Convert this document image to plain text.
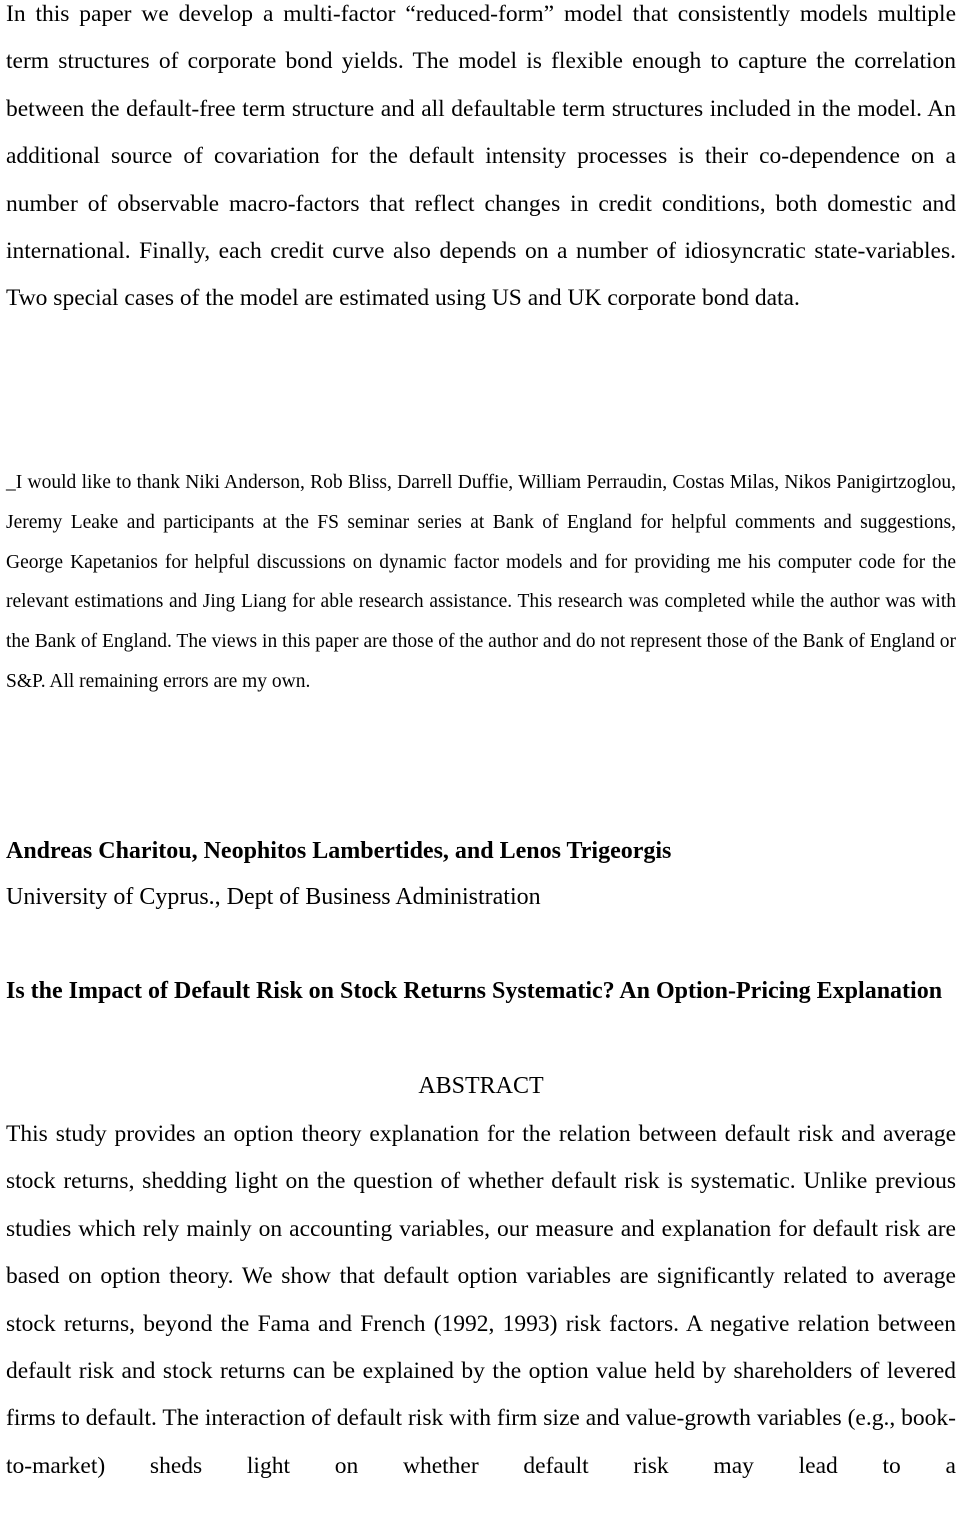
In this paper we develop a multi-factor “reduced-form” model that consistently models multiple term structures of corporate bond yields. The model is flexible enough to capture the correlation between the default-free term structure and all defaultable term structures included in the model. An additional source of covariation for the default intensity processes is their co-dependence on a number of observable macro-factors that reflect changes in credit conditions, both domestic and international. Finally, each credit curve also depends on a number of idiosyncratic state-variables. Two special cases of the model are estimated using US and UK corporate bond data.

_I would like to thank Niki Anderson, Rob Bliss, Darrell Duffie, William Perraudin, Costas Milas, Nikos Panigirtzoglou, Jeremy Leake and participants at the FS seminar series at Bank of England for helpful comments and suggestions, George Kapetanios for helpful discussions on dynamic factor models and for providing me his computer code for the relevant estimations and Jing Liang for able research assistance. This research was completed while the author was with the Bank of England. The views in this paper are those of the author and do not represent those of the Bank of England or S&P. All remaining errors are my own.

Andreas Charitou, Neophitos Lambertides, and Lenos Trigeorgis

University of Cyprus., Dept of Business Administration

Is the Impact of Default Risk on Stock Returns Systematic? An Option-Pricing Explanation

ABSTRACT

This study provides an option theory explanation for the relation between default risk and average stock returns, shedding light on the question of whether default risk is systematic. Unlike previous studies which rely mainly on accounting variables, our measure and explanation for default risk are based on option theory. We show that default option variables are significantly related to average stock returns, beyond the Fama and French (1992, 1993) risk factors. A negative relation between default risk and stock returns can be explained by the option value held by shareholders of levered firms to default. The interaction of default risk with firm size and value-growth variables (e.g., book-to-market) sheds light on whether default risk may lead to a
